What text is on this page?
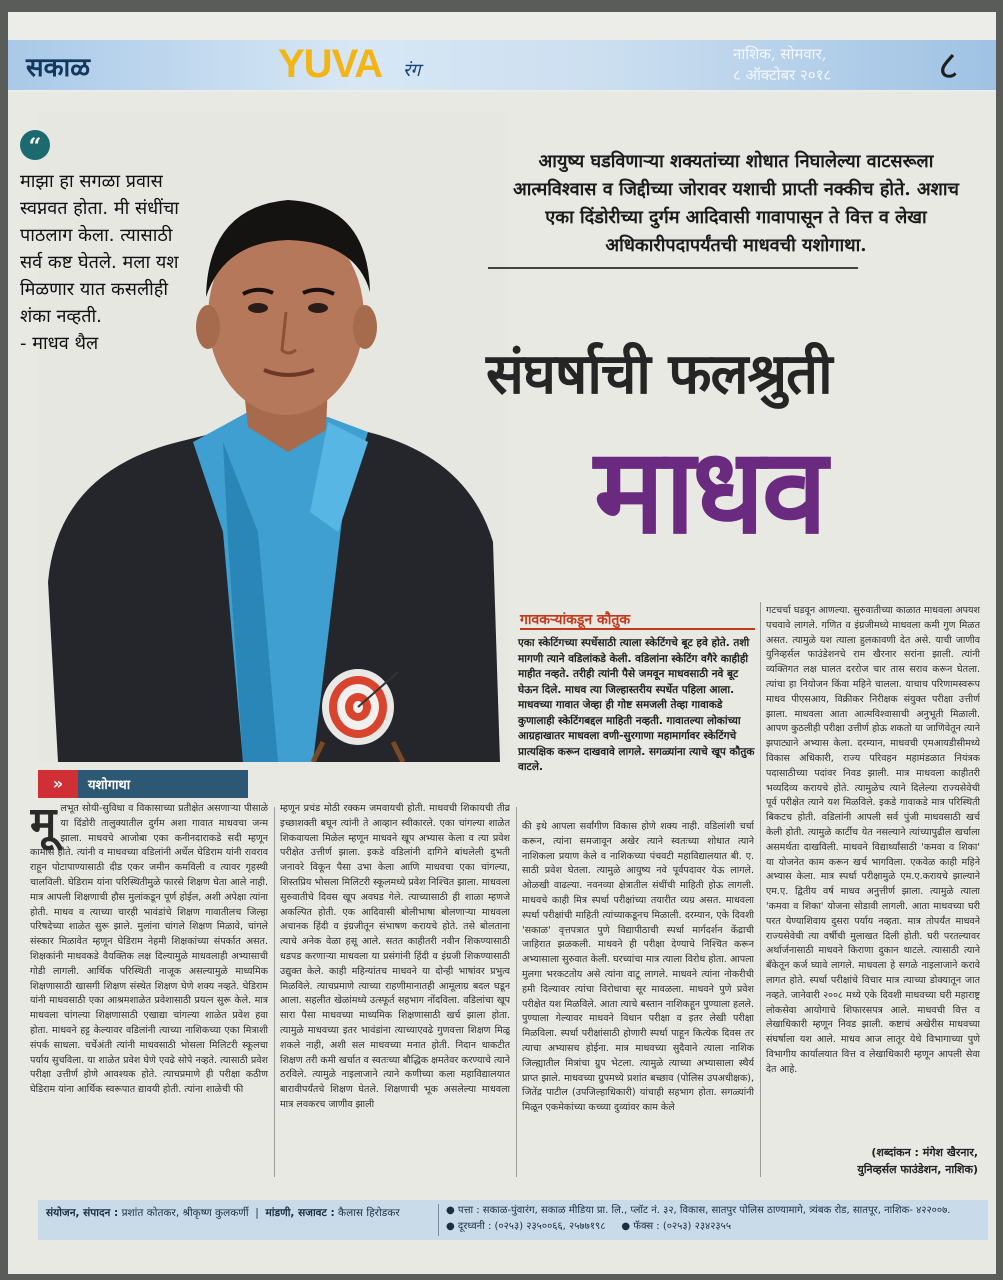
सकाळ	YUVA रंग
नाशिक, सोमवार,
८ ऑक्टोबर २०१८	८
“
माझा हा सगळा प्रवास स्वप्नवत होता. मी संधींचा पाठलाग केला. त्यासाठी सर्व कष्ट घेतले. मला यश मिळणार यात कसलीही शंका नव्हती.
- माधव थैल
आयुष्य घडविणाऱ्या शक्यतांच्या शोधात निघालेल्या वाटसरूला आत्मविश्वास व जिद्दीच्या जोरावर यशाची प्राप्ती नक्कीच होते. अशाच एका दिंडोरीच्या दुर्गम आदिवासी गावापासून ते वित्त व लेखा अधिकारीपदापर्यंतची माधवची यशोगाथा.
संघर्षाची फलश्रुती
माधव
गावकऱ्यांकडून कौतुक
एका स्केटिंगच्या स्पर्धेसाठी त्याला स्केटिंगचे बूट हवे होते. तशी मागणी त्याने वडिलांकडे केली. वडिलांना स्केटिंग वगैरे काहीही माहीत नव्हते. तरीही त्यांनी पैसे जमवून माधवसाठी नवे बूट घेऊन दिले. माधव त्या जिल्हास्तरीय स्पर्धेत पहिला आला. माधवच्या गावात जेव्हा ही गोष्ट समजली तेव्हा गावाकडे कुणालाही स्केटिंगबद्दल माहिती नव्हती. गावातल्या लोकांच्या आग्रहाखातर माधवला वणी-सुरगाणा महामार्गावर स्केटिंगचे प्रात्यक्षिक करून दाखवावे लागले. सगळ्यांना त्याचे खूप कौतुक वाटले.
»	यशोगाथा
मूलभूत सोयी-सुविधा व विकासाच्या प्रतीक्षेत असणाऱ्या पीसाळे या दिंडोरी तालुक्यातील दुर्गम अशा गावात माधवचा जन्म झाला. माधवचे आजोबा एका कनीनदाराकडे सदी म्हणून कामास होते. त्यांनी व माधवच्या वडिलांनी अर्धेल घेडिराम यांनी रावराव राहून पोटापाण्यासाठी दीड एकर जमीन कमविली व त्यावर गृहस्थी चालविली. घेडिराम यांना परिस्थितीमुळे फारसे शिक्षण घेता आले नाही. मात्र आपली शिक्षणाची हौस मुलांकडून पूर्ण होईल, अशी अपेक्षा त्यांना होती. माधव व त्याच्या चारही भावंडांचे शिक्षण गावातीलच जिल्हा परिषदेच्या शाळेत सुरू झाले. मुलांना चांगले शिक्षण मिळावे, चांगले संस्कार मिळावेत म्हणून घेडिराम नेहमी शिक्षकांच्या संपर्कात असत. शिक्षकांनी माधवकडे वैयक्तिक लक्ष दिल्यामुळे माधवलाही अभ्यासाची गोडी लागली. आर्थिक परिस्थिती नाजूक असल्यामुळे माध्यमिक शिक्षणासाठी खासगी शिक्षण संस्थेत शिक्षण घेणे शक्य नव्हते. घेडिराम यांनी माधवसाठी एका आश्रमशाळेत प्रवेशासाठी प्रयत्न सुरू केले. मात्र माधवला चांगल्या शिक्षणासाठी एखाद्या चांगल्या शाळेत प्रवेश हवा होता. माधवने हट्ट केल्यावर वडिलांनी त्याच्या नाशिकच्या एका मित्राशी संपर्क साधला. चर्चेअंती त्यांनी माधवसाठी भोसला मिलिटरी स्कूलचा पर्याय सुचविला. या शाळेत प्रवेश घेणे एवढे सोपे नव्हते. त्यासाठी प्रवेश परीक्षा उत्तीर्ण होणे आवश्यक होते. त्याचप्रमाणे ही परीक्षा कठीण घेडिराम यांना आर्थिक स्वरूपात द्यावयी होती. त्यांना शाळेची फी
म्हणून प्रचंड मोठी रक्कम जमवायची होती. माधवची शिकायची तीव्र इच्छाशक्ती बघून त्यांनी ते आव्हान स्वीकारले. एका चांगल्या शाळेत शिकवायला मिळेल म्हणून माधवने खूप अभ्यास केला व त्या प्रवेश परीक्षेत उत्तीर्ण झाला. इकडे वडिलांनी दागिने बांधलेली दुभती जनावरे विकून पैसा उभा केला आणि माधवचा एका चांगल्या, शिस्तप्रिय भोसला मिलिटरी स्कूलमध्ये प्रवेश निश्चित झाला. माधवला सुरुवातीचे दिवस खूप अवघड गेले. त्याच्यासाठी ही शाळा म्हणजे अकल्पित होती. एक आदिवासी बोलीभाषा बोलणाऱ्या माधवला अचानक हिंदी व इंग्रजीतून संभाषण करायचे होते. तसे बोलताना त्याचे अनेक वेळा हसू आले. सतत काहीतरी नवीन शिकण्यासाठी धडपड करणाऱ्या माधवला या प्रसंगांनी हिंदी व इंग्रजी शिकण्यासाठी उद्युक्त केले. काही महिन्यांतच माधवने या दोन्ही भाषांवर प्रभुत्व मिळविले. त्याचप्रमाणे त्याच्या राहणीमानातही आमूलाग्र बदल घडून आला. सहलीत खेळांमध्ये उत्स्फूर्त सहभाग नोंदविला. वडिलांचा खूप सारा पैसा माधवच्या माध्यमिक शिक्षणासाठी खर्च झाला होता. त्यामुळे माधवच्या इतर भावंडांना त्याच्याएवढे गुणवत्ता शिक्षण मिळू शकले नाही, अशी सल माधवच्या मनात होती. निदान धाकटीत शिक्षण तरी कमी खर्चात व स्वतःच्या बौद्धिक क्षमतेवर करण्याचे त्याने ठरविले. त्यामुळे नाइलाजाने त्याने कणीच्या कला महाविद्यालयात बारावीपर्यंतचे शिक्षण घेतले. शिक्षणाची भूक असलेल्या माधवला मात्र लवकरच जाणीव झाली
की इथे आपला सर्वांगीण विकास होणे शक्य नाही. वडिलांशी चर्चा करून, त्यांना समजावून अखेर त्याने स्वतःच्या शोधात त्याने नाशिकला प्रयाण केले व नाशिकच्या पंचवटी महाविद्यालयात बी. ए. साठी प्रवेश घेतला. त्यामुळे आयुष्य नवे पूर्वपदावर येऊ लागले. ओळखी वाढल्या. नवनव्या क्षेत्रातील संधींची माहिती होऊ लागली. माधवचे काही मित्र स्पर्धा परीक्षांच्या तयारीत व्यग्र असत. माधवला स्पर्धा परीक्षांची माहिती त्यांच्याकडूनच मिळाली. दरम्यान, एके दिवशी 'सकाळ' वृत्तपत्रात पुणे विद्यापीठाची स्पर्धा मार्गदर्शन केंद्राची जाहिरात झळकली. माधवने ही परीक्षा देण्याचे निश्चित करून अभ्यासाला सुरुवात केली. घरच्यांचा मात्र त्याला विरोध होता. आपला मुलगा भरकटतोय असे त्यांना वाटू लागले. माधवने त्यांना नोकरीची हमी दिल्यावर त्यांचा विरोधाचा सूर मावळला. माधवने पुणे प्रवेश परीक्षेत यश मिळविले. आता त्याचे बस्तान नाशिकहून पुण्याला हलले. पुण्याला गेल्यावर माधवने विधान परीक्षा व इतर लेखी परीक्षा मिळविला. स्पर्धा परीक्षांसाठी होणारी स्पर्धा पाहून कित्येक दिवस तर त्याचा अभ्यासच होईना. मात्र माधवच्या सुदैवाने त्याला नाशिक जिल्ह्यातील मित्रांचा ग्रुप भेटला. त्यामुळे त्याच्या अभ्यासाला स्थैर्य प्राप्त झाले. माधवच्या ग्रुपमध्ये प्रशांत बच्छाव (पोलिस उपअधीक्षक), जितेंद्र पाटील (उपजिल्हाधिकारी) यांचाही सहभाग होता. सगळ्यांनी मिळून एकमेकांच्या कच्च्या दुव्यांवर काम केले
गटचर्चा घडवून आणल्या. सुरुवातीच्या काळात माधवला अपयश पचवावे लागले. गणित व इंग्रजीमध्ये माधवला कमी गुण मिळत असत. त्यामुळे यश त्याला हुलकावणी देत असे. याची जाणीव युनिव्हर्सल फाउंडेशनचे राम खैरनार सरांना झाली. त्यांनी व्यक्तिगत लक्ष घालत दररोज चार तास सराव करून घेतला. त्यांचा हा नियोजन किंवा महिने चालला. याचाच परिणामस्वरूप माधव पीएसआय, विक्रीकर निरीक्षक संयुक्त परीक्षा उत्तीर्ण झाला. माधवला आता आत्मविश्वासाची अनुभूती मिळाली. आपण कुठलीही परीक्षा उत्तीर्ण होऊ शकतो या जाणिवेतून त्याने झपाट्याने अभ्यास केला. दरम्यान, माधवची एमआयडीसीमध्ये विकास अधिकारी, राज्य परिवहन महामंडळात नियंत्रक पदासाठीच्या पदांवर निवड झाली. मात्र माधवला काहीतरी भव्यदिव्य करायचे होते. त्यामुळेच त्याने दिलेल्या राज्यसेवेची पूर्व परीक्षेत त्याने यश मिळविले. इकडे गावाकडे मात्र परिस्थिती बिकटच होती. वडिलांनी आपली सर्व पुंजी माधवसाठी खर्च केली होती. त्यामुळे कार्टीच येत नसल्याने त्यांच्यापुढील खर्चाला असमर्थता दाखविली. माधवने विद्यार्थ्यांसाठी 'कमवा व शिका' या योजनेत काम करून खर्च भागविला. एकवेळ काही महिने अभ्यास केला. मात्र स्पर्धा परीक्षामुळे एम.ए.करायचे झाल्याने एम.ए. द्वितीय वर्ष माधव अनुत्तीर्ण झाला. त्यामुळे त्याला 'कमवा व शिका' योजना सोडावी लागली. आता माधवच्या घरी परत येण्याशिवाय दुसरा पर्याय नव्हता. मात्र तोपर्यंत माधवने राज्यसेवेची त्या वर्षीची मुलाखत दिली होती. घरी परतल्यावर अर्थार्जनासाठी माधवने किराणा दुकान थाटले. त्यासाठी त्याने बँकेतून कर्ज घ्यावे लागले. माधवला हे सगळे नाइलाजाने करावे लागत होते. स्पर्धा परीक्षांचे विचार मात्र त्याच्या डोक्यातून जात नव्हते. जानेवारी २००८ मध्ये एके दिवशी माधवच्या घरी महाराष्ट्र लोकसेवा आयोगाचे शिफारसपत्र आले. माधवची वित्त व लेखाधिकारी म्हणून निवड झाली. कष्टाचं अखेरीस माधवच्या संघर्षाला यश आले. माधव आज लातूर येथे विभागाच्या पुणे विभागीय कार्यालयात वित्त व लेखाधिकारी म्हणून आपली सेवा देत आहे.
(शब्दांकन : मंगेश खैरनार,
युनिव्हर्सल फाउंडेशन, नाशिक)
संयोजन, संपादन : प्रशांत कोतकर, श्रीकृष्ण कुलकर्णी  |  मांडणी, सजावट : कैलास हिरोडकर	● पत्ता : सकाळ-पुंवारंग, सकाळ मीडिया प्रा. लि., प्लॉट नं. ३२, विकास, सातपुर पोलिस ठाण्यामागे, त्र्यंबक रोड, सातपूर, नाशिक- ४२२००७.
● दूरध्वनी : (०२५३) २३५००६६, २५७७१९८ ● फॅक्स : (०२५३) २३४२३५५
